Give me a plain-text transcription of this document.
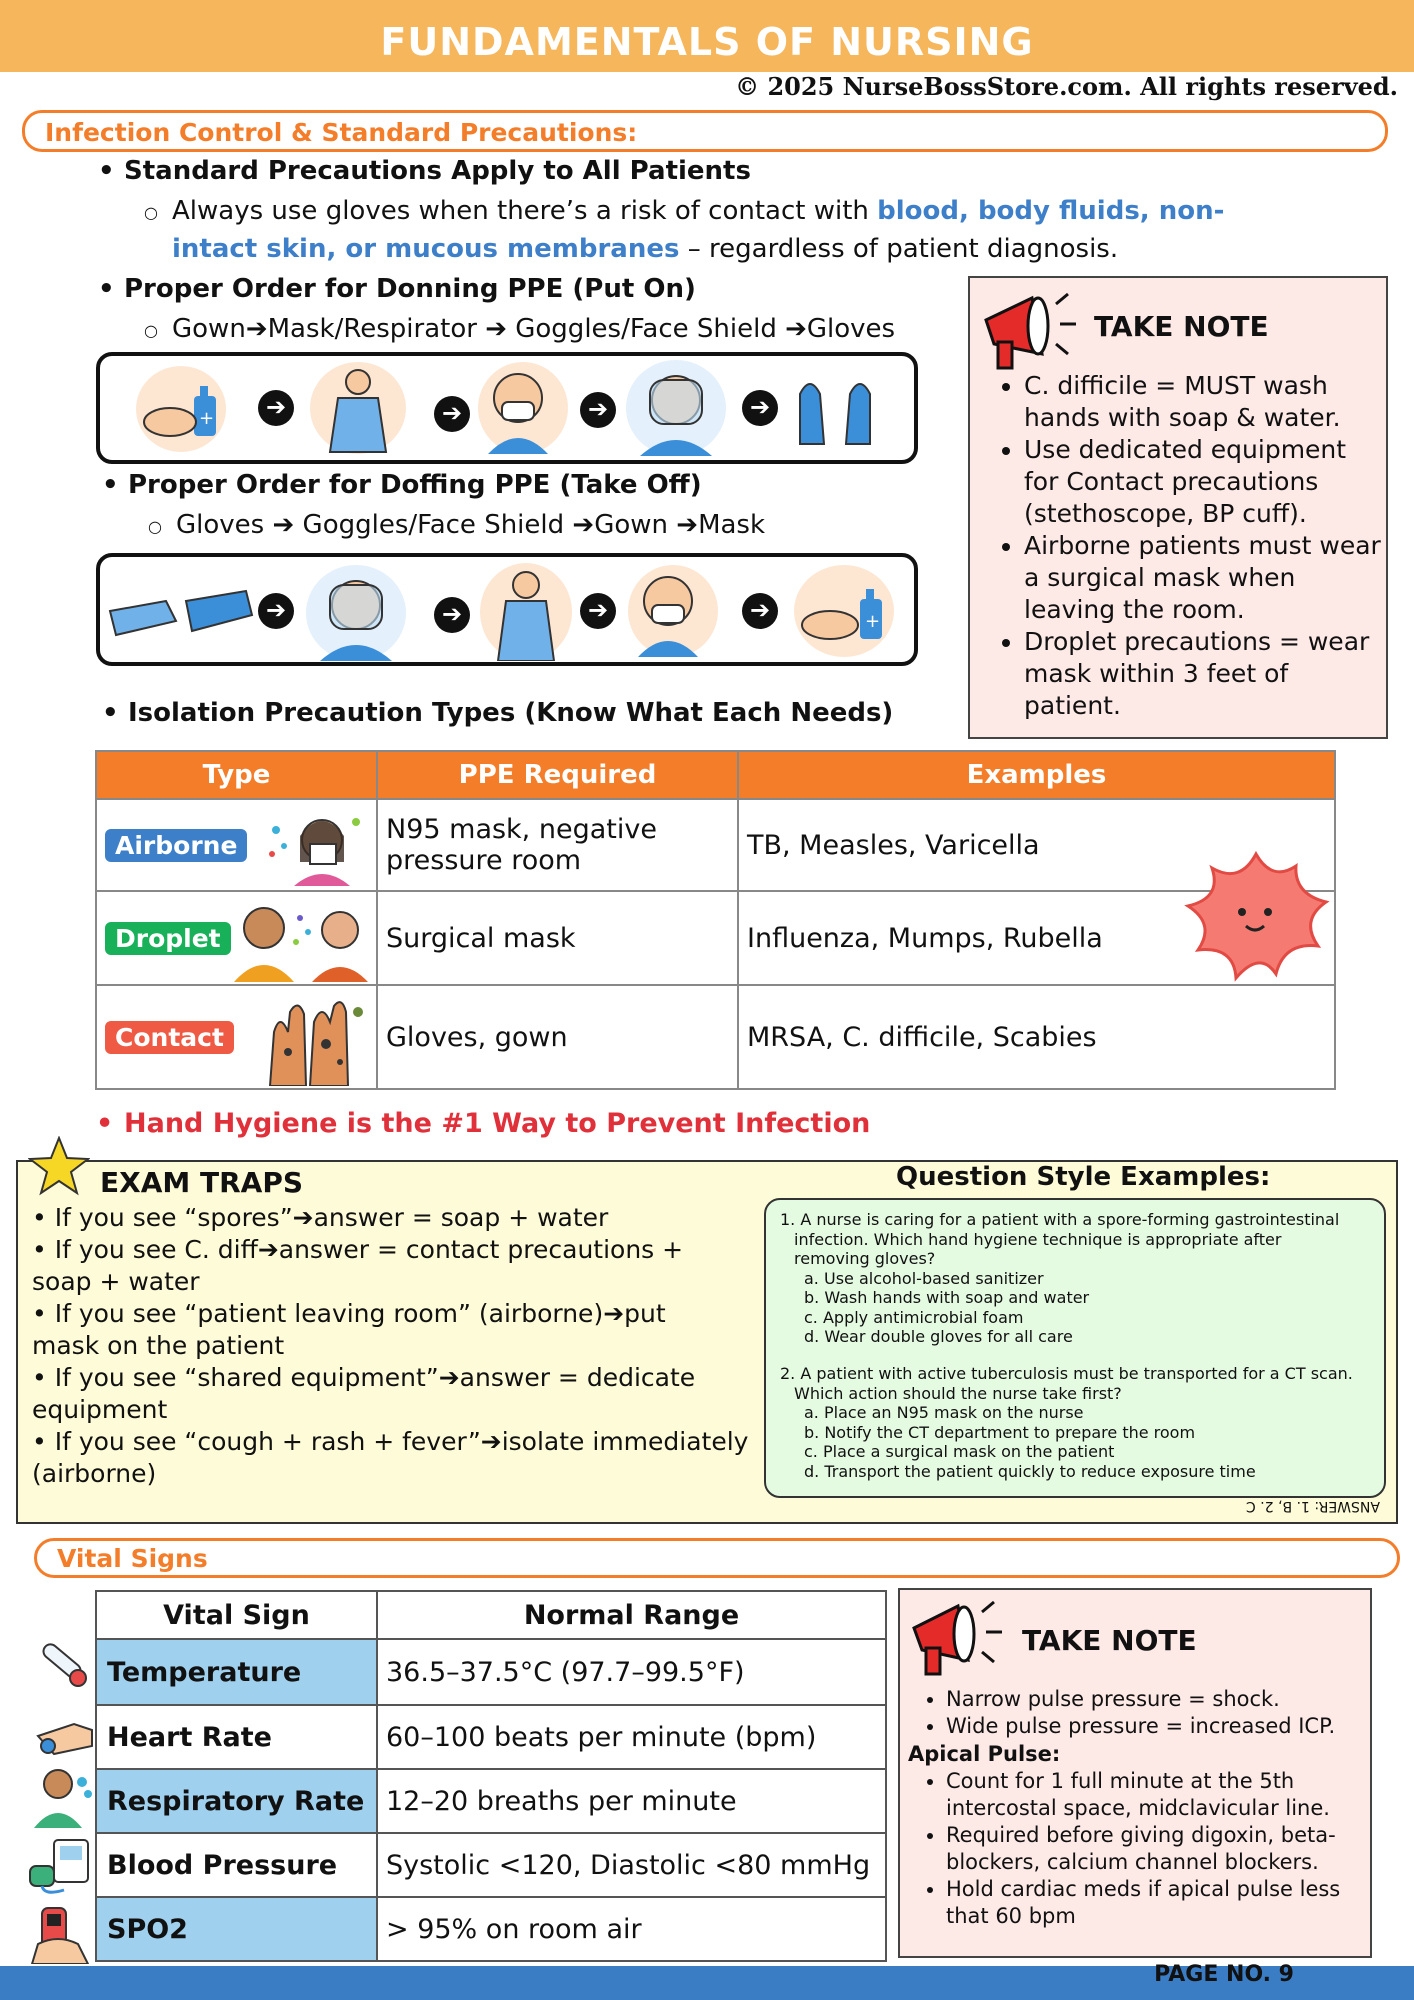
FUNDAMENTALS OF NURSING
© 2025 NurseBossStore.com. All rights reserved.
Infection Control & Standard Precautions:
• Standard Precautions Apply to All Patients
○ Always use gloves when there’s a risk of contact with blood, body fluids, non-
intact skin, or mucous membranes – regardless of patient diagnosis.
• Proper Order for Donning PPE (Put On)
○ Gown➔Mask/Respirator ➔ Goggles/Face Shield ➔Gloves
+	➔	➔	➔	➔
• Proper Order for Doffing PPE (Take Off)
○ Gloves ➔ Goggles/Face Shield ➔Gown ➔Mask
➔	➔	➔	➔	+
TAKE NOTE
• C. difficile = MUST wash hands with soap & water.
• Use dedicated equipment for Contact precautions (stethoscope, BP cuff).
• Airborne patients must wear a surgical mask when leaving the room.
• Droplet precautions = wear mask within 3 feet of patient.
• Isolation Precaution Types (Know What Each Needs)
Type	PPE Required	Examples
Airborne	N95 mask, negative
pressure room	TB, Measles, Varicella
Droplet	Surgical mask	Influenza, Mumps, Rubella
Contact	Gloves, gown	MRSA, C. difficile, Scabies
• Hand Hygiene is the #1 Way to Prevent Infection
EXAM TRAPS
• If you see “spores”➔answer = soap + water
• If you see C. diff➔answer = contact precautions +
soap + water
• If you see “patient leaving room” (airborne)➔put
mask on the patient
• If you see “shared equipment”➔answer = dedicate
equipment
• If you see “cough + rash + fever”➔isolate immediately
(airborne)
Question Style Examples:
1. A nurse is caring for a patient with a spore-forming gastrointestinal
infection. Which hand hygiene technique is appropriate after
removing gloves?
a. Use alcohol-based sanitizer
b. Wash hands with soap and water
c. Apply antimicrobial foam
d. Wear double gloves for all care
2. A patient with active tuberculosis must be transported for a CT scan.
Which action should the nurse take first?
a. Place an N95 mask on the nurse
b. Notify the CT department to prepare the room
c. Place a surgical mask on the patient
d. Transport the patient quickly to reduce exposure time
ANSWER: 1. B, 2. C
Vital Signs
Vital Sign	Normal Range
Temperature	36.5–37.5°C (97.7–99.5°F)
Heart Rate	60–100 beats per minute (bpm)
Respiratory Rate	12–20 breaths per minute
Blood Pressure	Systolic <120, Diastolic <80 mmHg
SPO2	> 95% on room air
TAKE NOTE
• Narrow pulse pressure = shock.
• Wide pulse pressure = increased ICP.
Apical Pulse:
• Count for 1 full minute at the 5th intercostal space, midclavicular line.
• Required before giving digoxin, beta-blockers, calcium channel blockers.
• Hold cardiac meds if apical pulse less that 60 bpm
PAGE NO. 9
